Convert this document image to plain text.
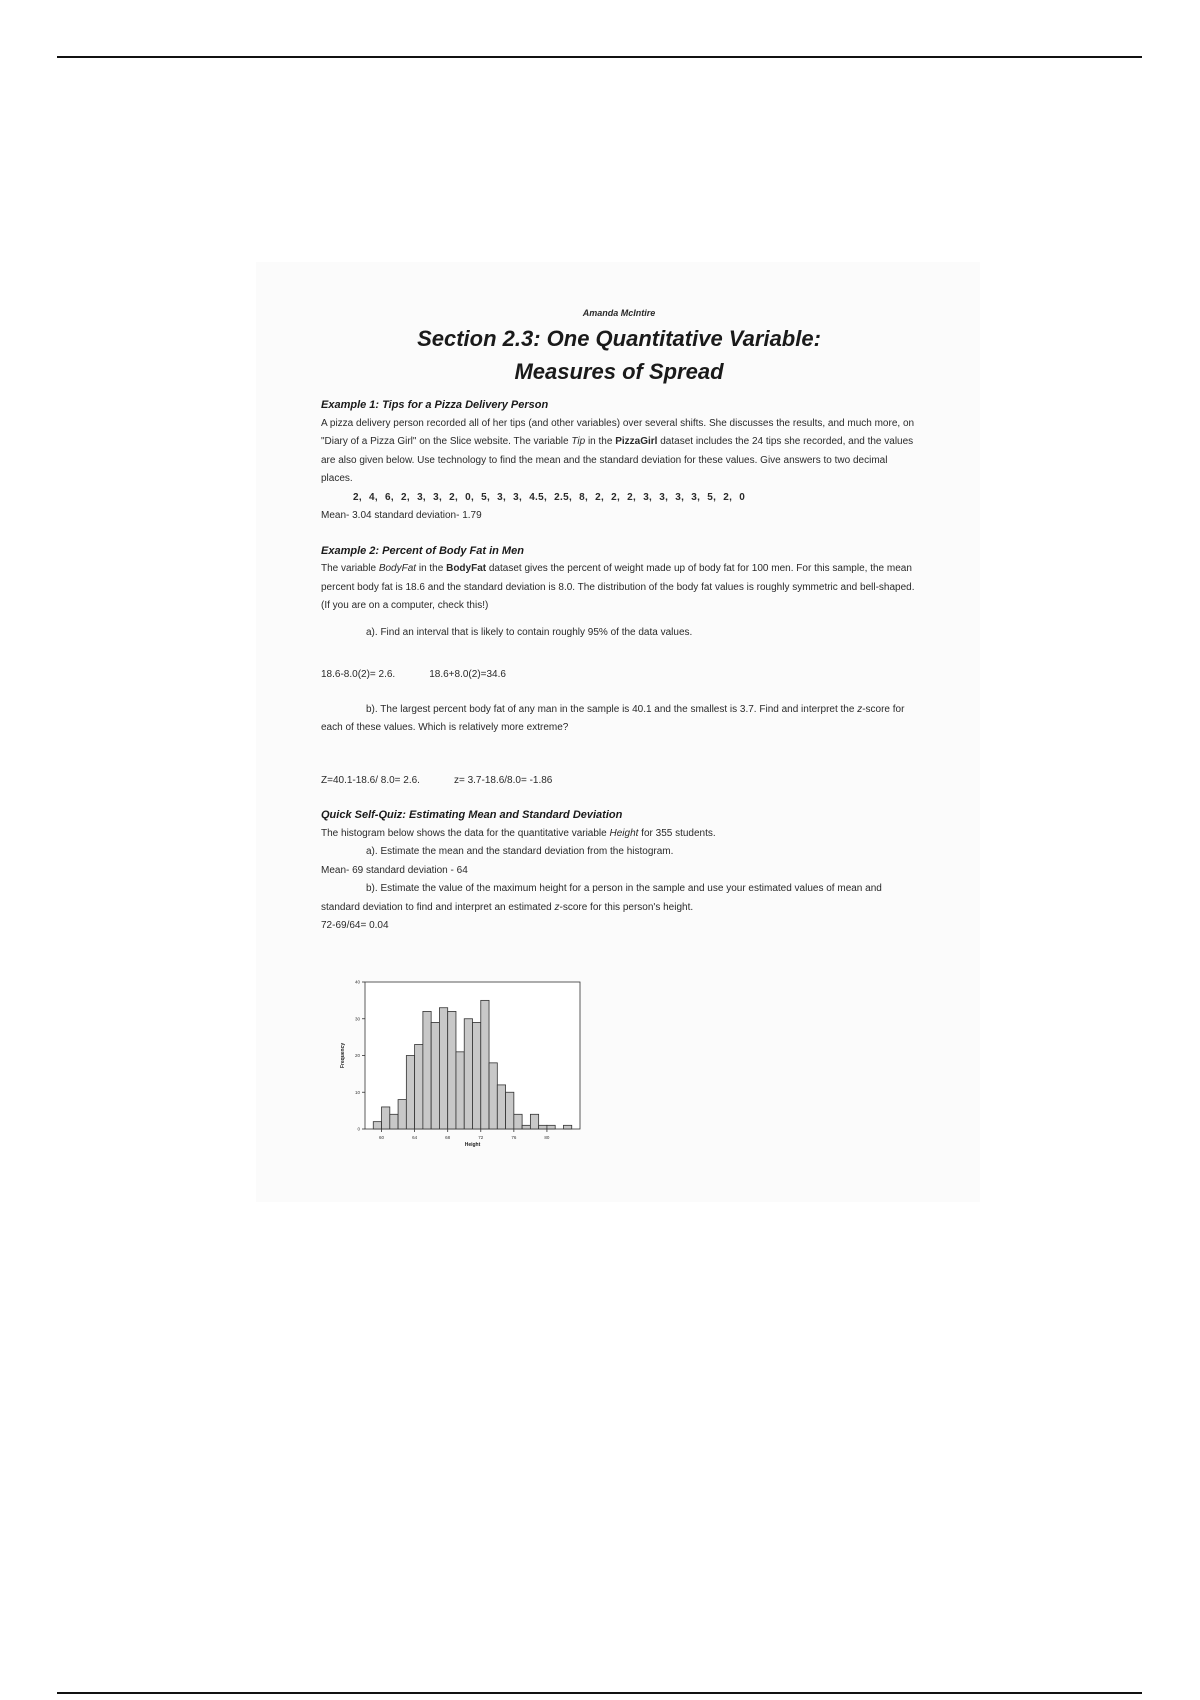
Amanda McIntire
Section 2.3: One Quantitative Variable:
Measures of Spread
Example 1: Tips for a Pizza Delivery Person

A pizza delivery person recorded all of her tips (and other variables) over several shifts. She discusses the results, and much more, on "Diary of a Pizza Girl" on the Slice website. The variable Tip in the PizzaGirl dataset includes the 24 tips she recorded, and the values are also given below. Use technology to find the mean and the standard deviation for these values. Give answers to two decimal places.

2, 4, 6, 2, 3, 3, 2, 0, 5, 3, 3, 4.5, 2.5, 8, 2, 2, 2, 3, 3, 3, 3, 5, 2, 0

Mean- 3.04 standard deviation- 1.79

Example 2: Percent of Body Fat in Men

The variable BodyFat in the BodyFat dataset gives the percent of weight made up of body fat for 100 men. For this sample, the mean percent body fat is 18.6 and the standard deviation is 8.0. The distribution of the body fat values is roughly symmetric and bell-shaped. (If you are on a computer, check this!)

a). Find an interval that is likely to contain roughly 95% of the data values.

18.6-8.0(2)= 2.6.	18.6+8.0(2)=34.6

b). The largest percent body fat of any man in the sample is 40.1 and the smallest is 3.7. Find and interpret the z-score for each of these values. Which is relatively more extreme?

Z=40.1-18.6/ 8.0= 2.6.	z= 3.7-18.6/8.0= -1.86

Quick Self-Quiz: Estimating Mean and Standard Deviation

The histogram below shows the data for the quantitative variable Height for 355 students.

a). Estimate the mean and the standard deviation from the histogram.

Mean- 69 standard deviation - 64

b). Estimate the value of the maximum height for a person in the sample and use your estimated values of mean and standard deviation to find and interpret an estimated z-score for this person's height.

72-69/64= 0.04

60	64	68	72	76	80
0
10
20
30
40
Height
Frequency
